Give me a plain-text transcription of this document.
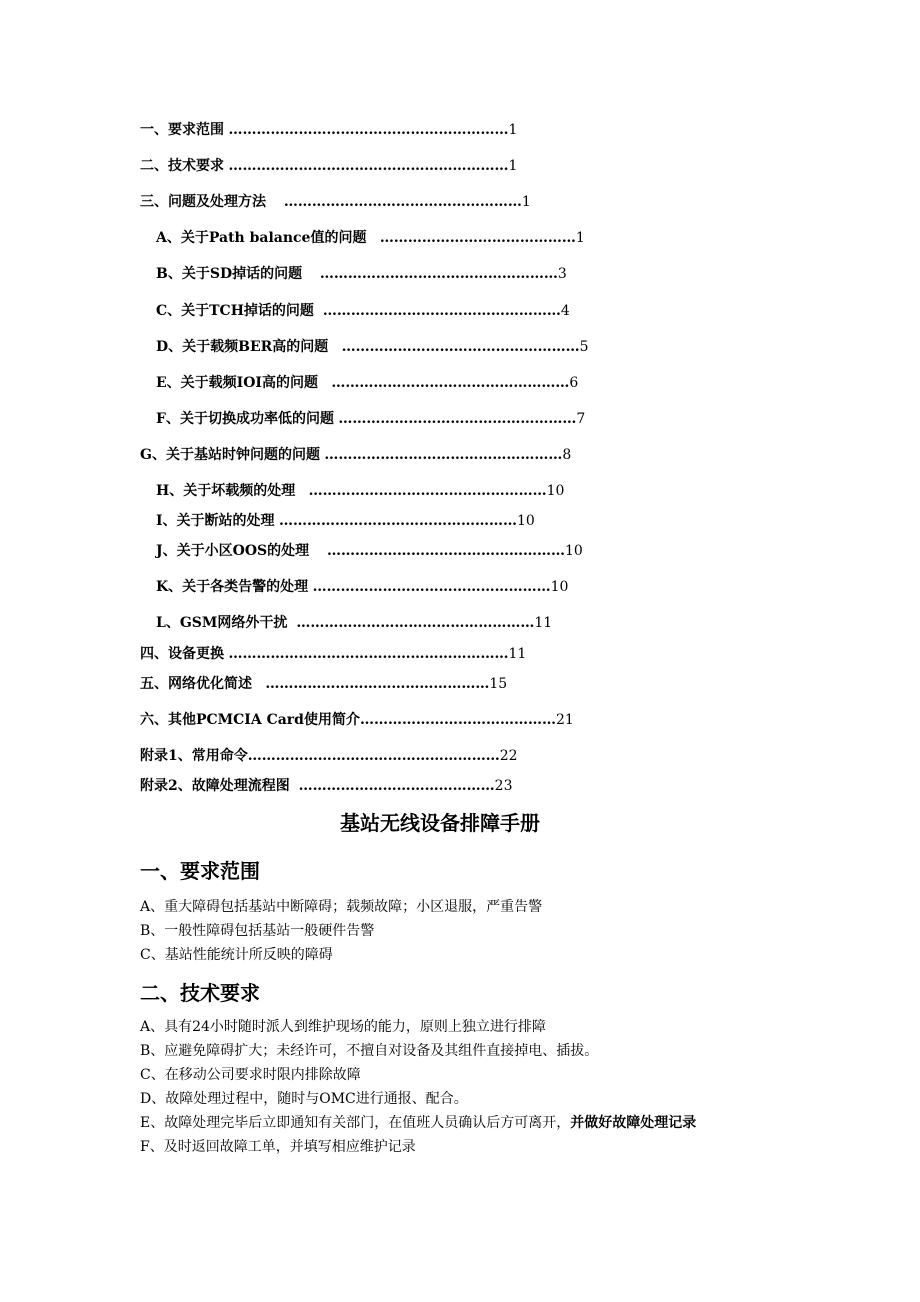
一、要求范围 ……………………………………………………1
二、技术要求 ……………………………………………………1
三、问题及处理方法 ……………………………………………1
A、关于Path balance值的问题 ……………………………………1
B、关于SD掉话的问题 ……………………………………………3
C、关于TCH掉话的问题 ……………………………………………4
D、关于载频BER高的问题 ……………………………………………5
E、关于载频IOI高的问题 ……………………………………………6
F、关于切换成功率低的问题 ……………………………………………7
G、关于基站时钟问题的问题 ……………………………………………8
H、关于坏载频的处理 ……………………………………………10
I、关于断站的处理 ……………………………………………10
J、关于小区OOS的处理 ……………………………………………10
K、关于各类告警的处理 ……………………………………………10
L、GSM网络外干扰 ……………………………………………11
四、设备更换 ……………………………………………………11
五、网络优化简述 …………………………………………15
六、其他PCMCIA Card使用简介……………………………………21
附录1、常用命令………………………………………………22
附录2、故障处理流程图 ……………………………………23
基站无线设备排障手册
一、要求范围
A、重大障碍包括基站中断障碍；载频故障；小区退服，严重告警
B、一般性障碍包括基站一般硬件告警
C、基站性能统计所反映的障碍
二、技术要求
A、具有24小时随时派人到维护现场的能力，原则上独立进行排障
B、应避免障碍扩大；未经许可，不擅自对设备及其组件直接掉电、插拔。
C、在移动公司要求时限内排除故障
D、故障处理过程中，随时与OMC进行通报、配合。
E、故障处理完毕后立即通知有关部门，在值班人员确认后方可离开，并做好故障处理记录
F、及时返回故障工单，并填写相应维护记录
